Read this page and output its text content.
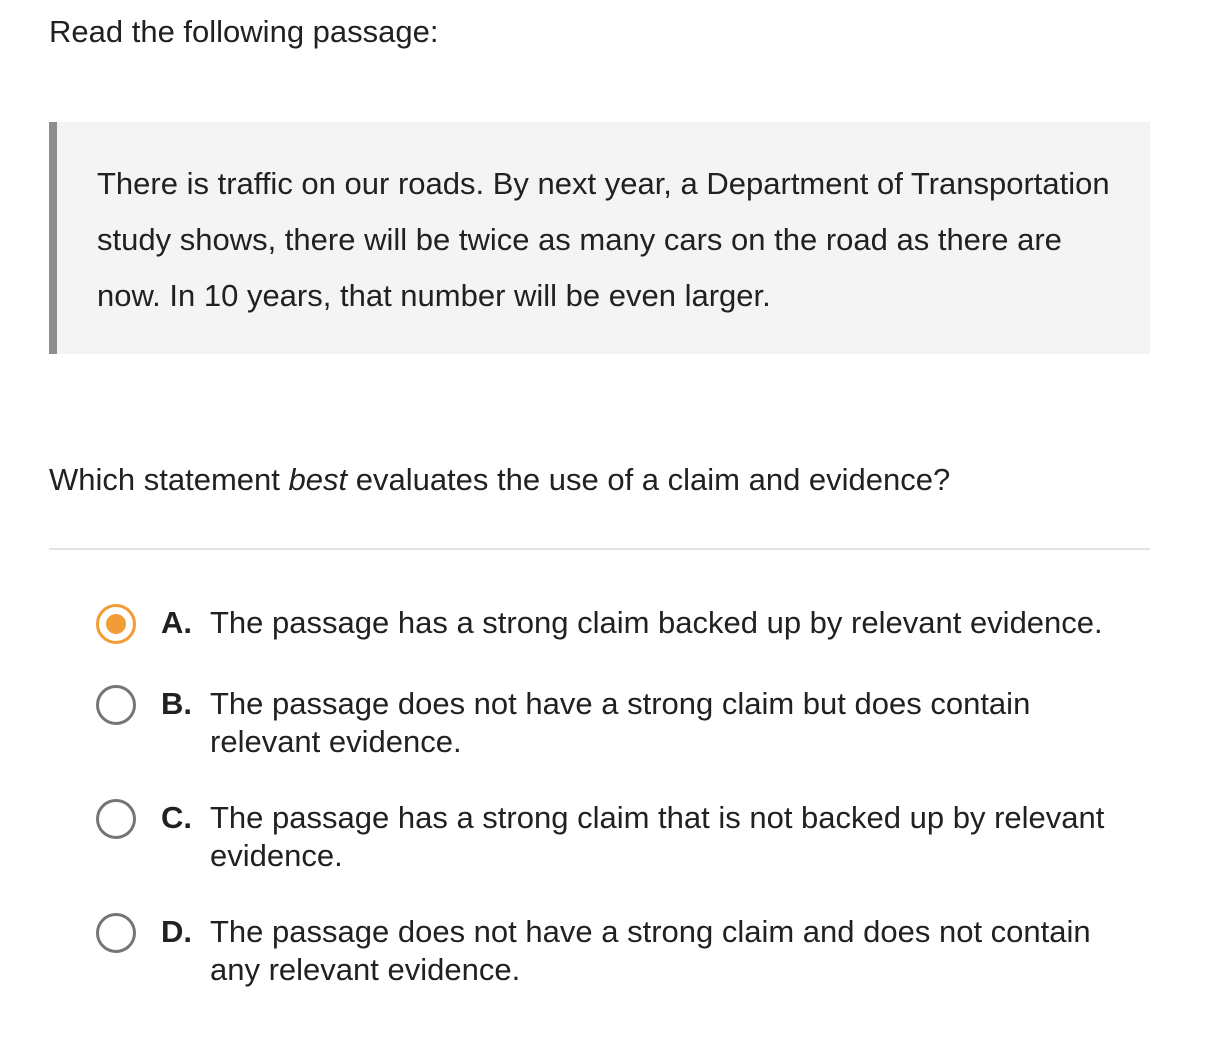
Read the following passage:

There is traffic on our roads. By next year, a Department of Transportation study shows, there will be twice as many cars on the road as there are now. In 10 years, that number will be even larger.

Which statement best evaluates the use of a claim and evidence?
A. The passage has a strong claim backed up by relevant evidence.
B. The passage does not have a strong claim but does contain relevant evidence.
C. The passage has a strong claim that is not backed up by relevant evidence.
D. The passage does not have a strong claim and does not contain any relevant evidence.
